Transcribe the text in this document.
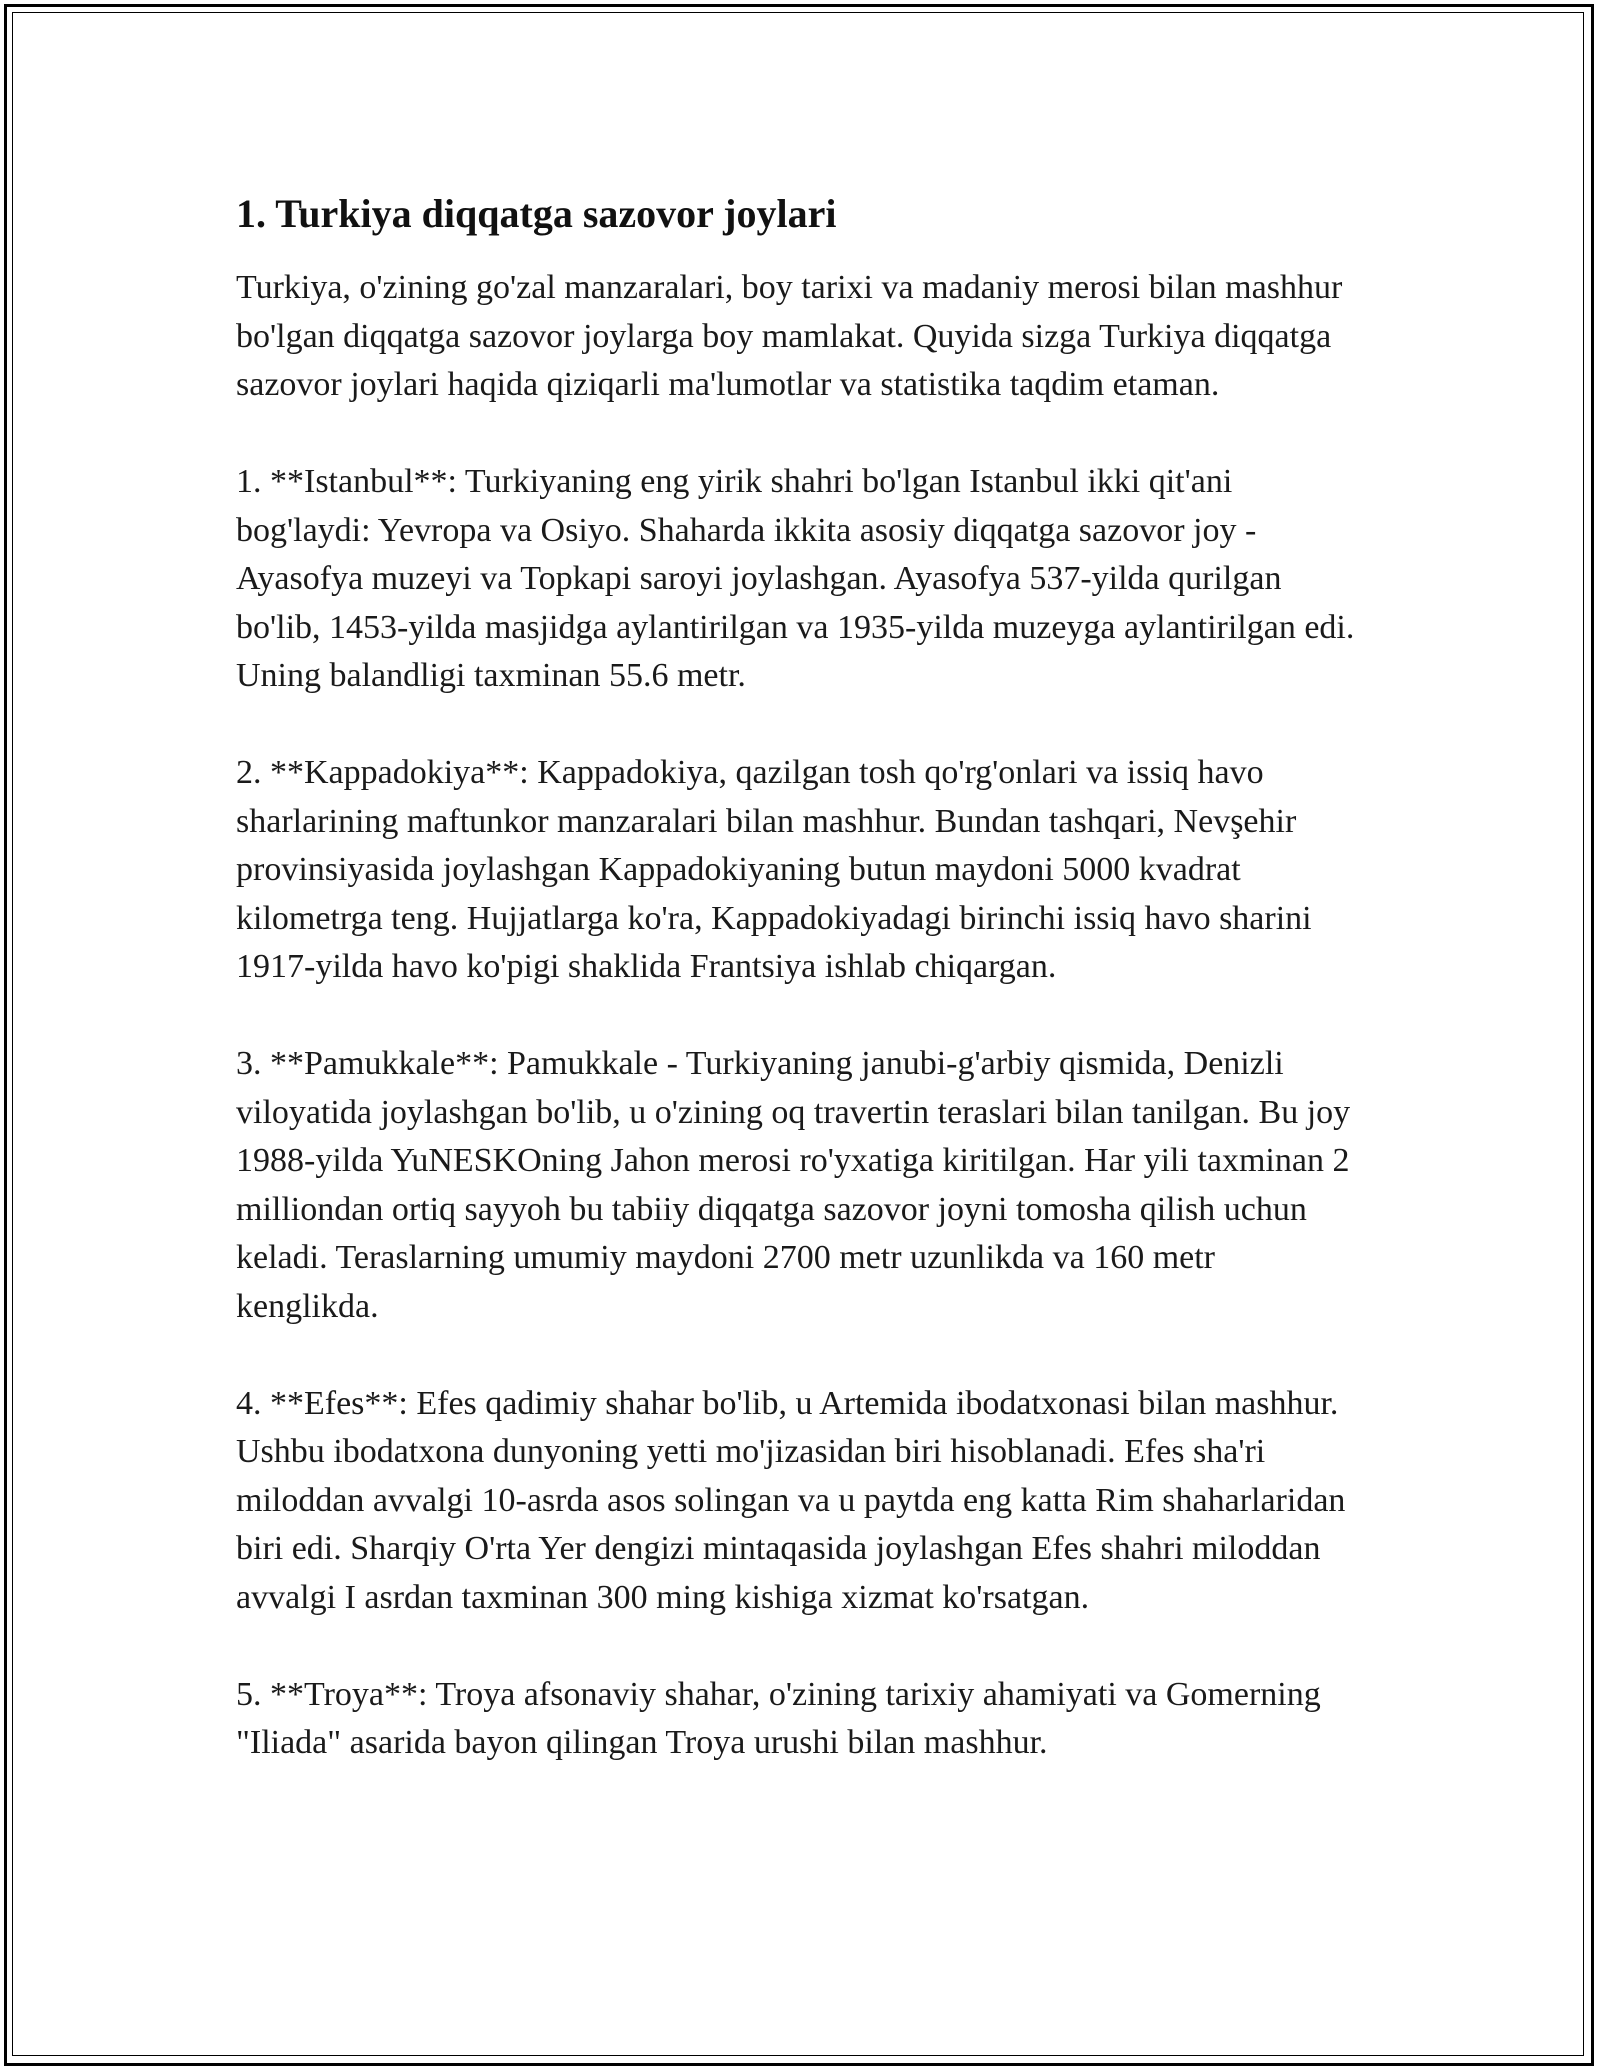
1. Turkiya diqqatga sazovor joylari

Turkiya, o'zining go'zal manzaralari, boy tarixi va madaniy merosi bilan mashhur bo'lgan diqqatga sazovor joylarga boy mamlakat. Quyida sizga Turkiya diqqatga sazovor joylari haqida qiziqarli ma'lumotlar va statistika taqdim etaman.

1. **Istanbul**: Turkiyaning eng yirik shahri bo'lgan Istanbul ikki qit'ani bog'laydi: Yevropa va Osiyo. Shaharda ikkita asosiy diqqatga sazovor joy - Ayasofya muzeyi va Topkapi saroyi joylashgan. Ayasofya 537-yilda qurilgan bo'lib, 1453-yilda masjidga aylantirilgan va 1935-yilda muzeyga aylantirilgan edi. Uning balandligi taxminan 55.6 metr.

2. **Kappadokiya**: Kappadokiya, qazilgan tosh qo'rg'onlari va issiq havo sharlarining maftunkor manzaralari bilan mashhur. Bundan tashqari, Nevşehir provinsiyasida joylashgan Kappadokiyaning butun maydoni 5000 kvadrat kilometrga teng. Hujjatlarga ko'ra, Kappadokiyadagi birinchi issiq havo sharini 1917-yilda havo ko'pigi shaklida Frantsiya ishlab chiqargan.

3. **Pamukkale**: Pamukkale - Turkiyaning janubi-g'arbiy qismida, Denizli viloyatida joylashgan bo'lib, u o'zining oq travertin teraslari bilan tanilgan. Bu joy 1988-yilda YuNESKOning Jahon merosi ro'yxatiga kiritilgan. Har yili taxminan 2 milliondan ortiq sayyoh bu tabiiy diqqatga sazovor joyni tomosha qilish uchun keladi. Teraslarning umumiy maydoni 2700 metr uzunlikda va 160 metr kenglikda.

4. **Efes**: Efes qadimiy shahar bo'lib, u Artemida ibodatxonasi bilan mashhur. Ushbu ibodatxona dunyoning yetti mo'jizasidan biri hisoblanadi. Efes sha'ri miloddan avvalgi 10-asrda asos solingan va u paytda eng katta Rim shaharlaridan biri edi. Sharqiy O'rta Yer dengizi mintaqasida joylashgan Efes shahri miloddan avvalgi I asrdan taxminan 300 ming kishiga xizmat ko'rsatgan.

5. **Troya**: Troya afsonaviy shahar, o'zining tarixiy ahamiyati va Gomerning "Iliada" asarida bayon qilingan Troya urushi bilan mashhur.
